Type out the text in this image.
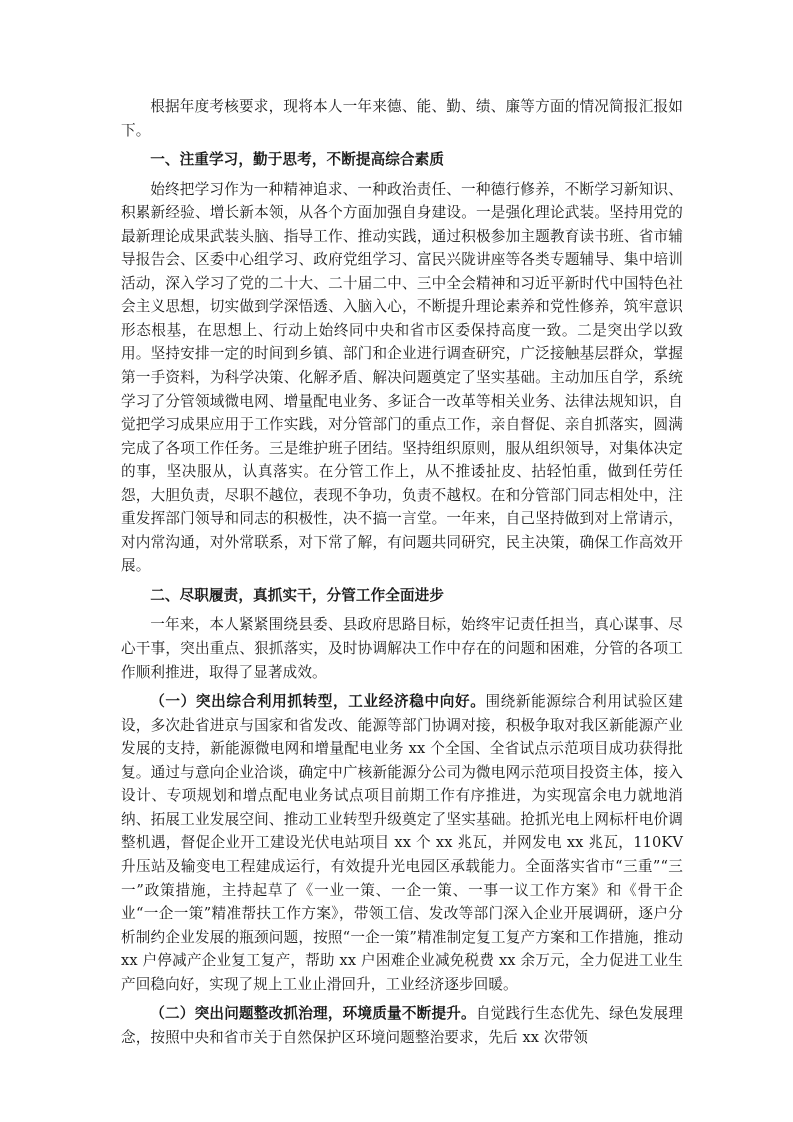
根据年度考核要求，现将本人一年来德、能、勤、绩、廉等方面的情况简报汇报如下。

一、注重学习，勤于思考，不断提高综合素质

始终把学习作为一种精神追求、一种政治责任、一种德行修养，不断学习新知识、积累新经验、增长新本领，从各个方面加强自身建设。一是强化理论武装。坚持用党的最新理论成果武装头脑、指导工作、推动实践，通过积极参加主题教育读书班、省市辅导报告会、区委中心组学习、政府党组学习、富民兴陇讲座等各类专题辅导、集中培训活动，深入学习了党的二十大、二十届二中、三中全会精神和习近平新时代中国特色社会主义思想，切实做到学深悟透、入脑入心，不断提升理论素养和党性修养，筑牢意识形态根基，在思想上、行动上始终同中央和省市区委保持高度一致。二是突出学以致用。坚持安排一定的时间到乡镇、部门和企业进行调查研究，广泛接触基层群众，掌握第一手资料，为科学决策、化解矛盾、解决问题奠定了坚实基础。主动加压自学，系统学习了分管领域微电网、增量配电业务、多证合一改革等相关业务、法律法规知识，自觉把学习成果应用于工作实践，对分管部门的重点工作，亲自督促、亲自抓落实，圆满完成了各项工作任务。三是维护班子团结。坚持组织原则，服从组织领导，对集体决定的事，坚决服从，认真落实。在分管工作上，从不推诿扯皮、拈轻怕重，做到任劳任怨，大胆负责，尽职不越位，表现不争功，负责不越权。在和分管部门同志相处中，注重发挥部门领导和同志的积极性，决不搞一言堂。一年来，自己坚持做到对上常请示，对内常沟通，对外常联系，对下常了解，有问题共同研究，民主决策，确保工作高效开展。

二、尽职履责，真抓实干，分管工作全面进步

一年来，本人紧紧围绕县委、县政府思路目标，始终牢记责任担当，真心谋事、尽心干事，突出重点、狠抓落实，及时协调解决工作中存在的问题和困难，分管的各项工作顺利推进，取得了显著成效。

（一）突出综合利用抓转型，工业经济稳中向好。围绕新能源综合利用试验区建设，多次赴省进京与国家和省发改、能源等部门协调对接，积极争取对我区新能源产业发展的支持，新能源微电网和增量配电业务 xx 个全国、全省试点示范项目成功获得批复。通过与意向企业洽谈，确定中广核新能源分公司为微电网示范项目投资主体，接入设计、专项规划和增点配电业务试点项目前期工作有序推进，为实现富余电力就地消纳、拓展工业发展空间、推动工业转型升级奠定了坚实基础。抢抓光电上网标杆电价调整机遇，督促企业开工建设光伏电站项目 xx 个 xx 兆瓦，并网发电 xx 兆瓦，110KV 升压站及输变电工程建成运行，有效提升光电园区承载能力。全面落实省市“三重”“三一”政策措施，主持起草了《一业一策、一企一策、一事一议工作方案》和《骨干企业“一企一策”精准帮扶工作方案》，带领工信、发改等部门深入企业开展调研，逐户分析制约企业发展的瓶颈问题，按照“一企一策”精准制定复工复产方案和工作措施，推动 xx 户停减产企业复工复产，帮助 xx 户困难企业减免税费 xx 余万元，全力促进工业生产回稳向好，实现了规上工业止滑回升，工业经济逐步回暖。

（二）突出问题整改抓治理，环境质量不断提升。自觉践行生态优先、绿色发展理念，按照中央和省市关于自然保护区环境问题整治要求，先后 xx 次带领
